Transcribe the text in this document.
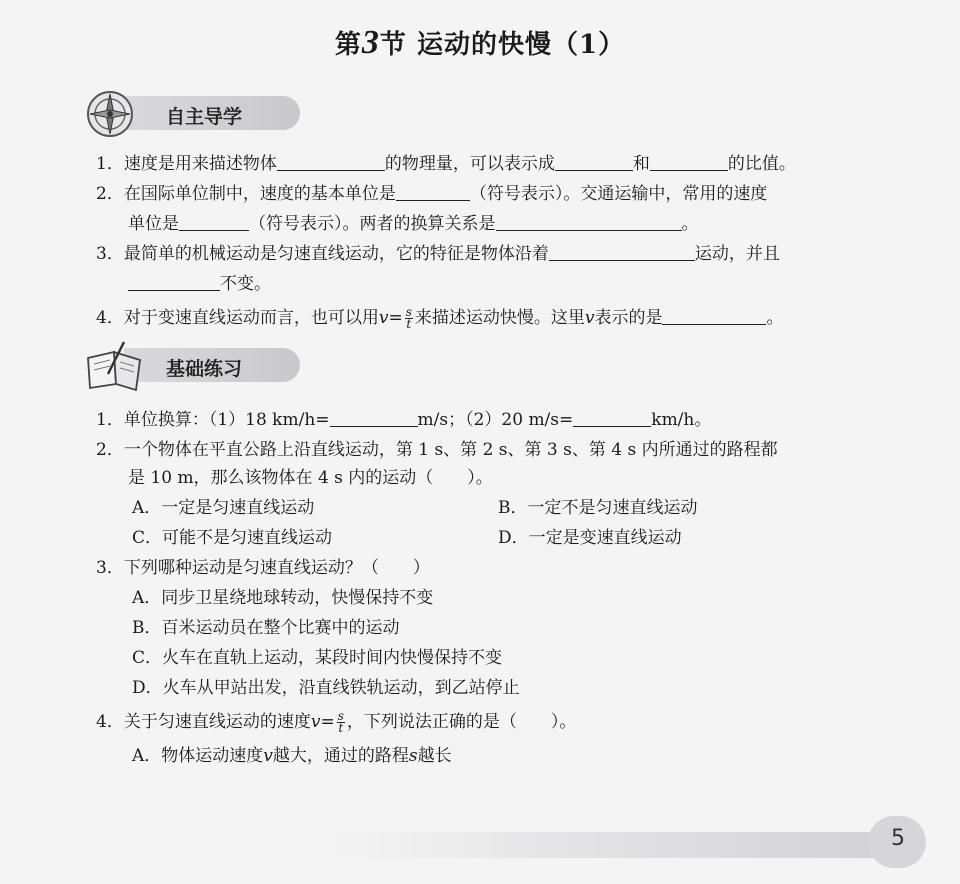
第3节 运动的快慢（1）
自主导学
1．速度是用来描述物体	的物理量，可以表示成	和	的比值。
2．在国际单位制中，速度的基本单位是	（符号表示）。交通运输中，常用的速度
单位是	（符号表示）。两者的换算关系是	。
3．最简单的机械运动是匀速直线运动，它的特征是物体沿着	运动，并且
不变。
4．对于变速直线运动而言，也可以用$v= \frac{s}{t}$ 来描述运动快慢。这里v表示的是	。
基础练习
1．单位换算：（1）18 km/h=	m/s；（2）20 m/s=	km/h。
2．一个物体在平直公路上沿直线运动，第 1 s、第 2 s、第 3 s、第 4 s 内所通过的路程都
是 10 m，那么该物体在 4 s 内的运动（　　）。
A．一定是匀速直线运动	B．一定不是匀速直线运动
C．可能不是匀速直线运动	D．一定是变速直线运动
3．下列哪种运动是匀速直线运动？（　　）
A．同步卫星绕地球转动，快慢保持不变
B．百米运动员在整个比赛中的运动
C．火车在直轨上运动，某段时间内快慢保持不变
D．火车从甲站出发，沿直线铁轨运动，到乙站停止
4．关于匀速直线运动的速度$v= \frac{s}{t}$ ，下列说法正确的是（　　）。
A．物体运动速度v越大，通过的路程s越长
5
